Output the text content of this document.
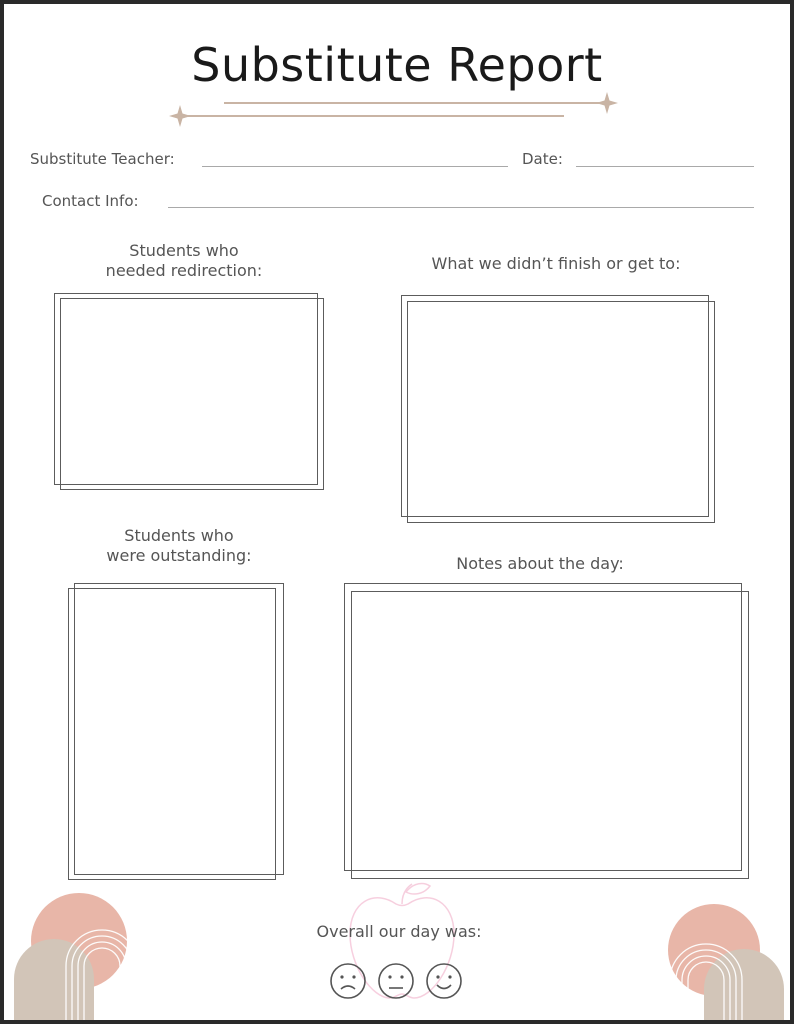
Substitute Report
Substitute Teacher:	Date:
Contact Info:
Students who
needed redirection:	What we didn’t finish or get to:
Students who
were outstanding:	Notes about the day:
Overall our day was:
